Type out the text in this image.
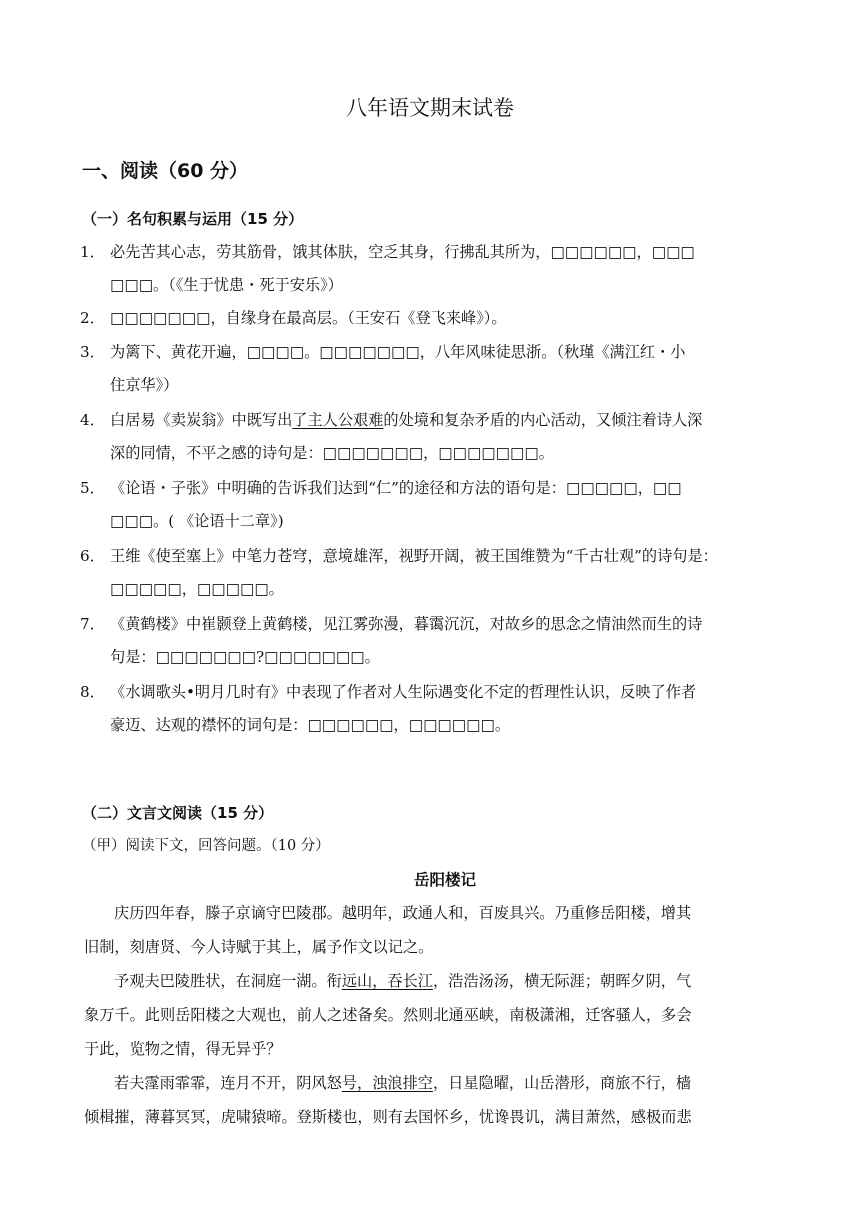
八年语文期末试卷
一、阅读（60 分）
（一）名句积累与运用（15 分）
1． 必先苦其心志，劳其筋骨，饿其体肤，空乏其身，行拂乱其所为，□□□□□□，□□□
□□□。（《生于忧患・死于安乐》）
2． □□□□□□□，自缘身在最高层。（王安石《登飞来峰》）。
3． 为篱下、黄花开遍，□□□□。□□□□□□□，八年风味徒思浙。（秋瑾《满江红・小
住京华》）
4． 白居易《卖炭翁》中既写出了主人公艰难的处境和复杂矛盾的内心活动，又倾注着诗人深
深的同情，不平之感的诗句是：□□□□□□□，□□□□□□□。
5． 《论语・子张》中明确的告诉我们达到“仁”的途径和方法的语句是：□□□□□，□□
□□□。( 《论语十二章》)
6． 王维《使至塞上》中笔力苍穹，意境雄浑，视野开阔，被王国维赞为“千古壮观”的诗句是：
□□□□□，□□□□□。
7． 《黄鹤楼》中崔颢登上黄鹤楼，见江雾弥漫，暮霭沉沉，对故乡的思念之情油然而生的诗
句是：□□□□□□□?□□□□□□□。
8． 《水调歌头•明月几时有》中表现了作者对人生际遇变化不定的哲理性认识，反映了作者
豪迈、达观的襟怀的词句是：□□□□□□，□□□□□□。
（二）文言文阅读（15 分）
（甲）阅读下文，回答问题。（10 分）
岳阳楼记
庆历四年春，滕子京谪守巴陵郡。越明年，政通人和，百废具兴。乃重修岳阳楼，增其
旧制，刻唐贤、今人诗赋于其上，属予作文以记之。
予观夫巴陵胜状，在洞庭一湖。衔远山，吞长江，浩浩汤汤，横无际涯；朝晖夕阴，气
象万千。此则岳阳楼之大观也，前人之述备矣。然则北通巫峡，南极潇湘，迁客骚人，多会
于此，览物之情，得无异乎？
若夫霪雨霏霏，连月不开，阴风怒号，浊浪排空，日星隐曜，山岳潜形，商旅不行，樯
倾楫摧，薄暮冥冥，虎啸猿啼。登斯楼也，则有去国怀乡，忧谗畏讥，满目萧然，感极而悲
